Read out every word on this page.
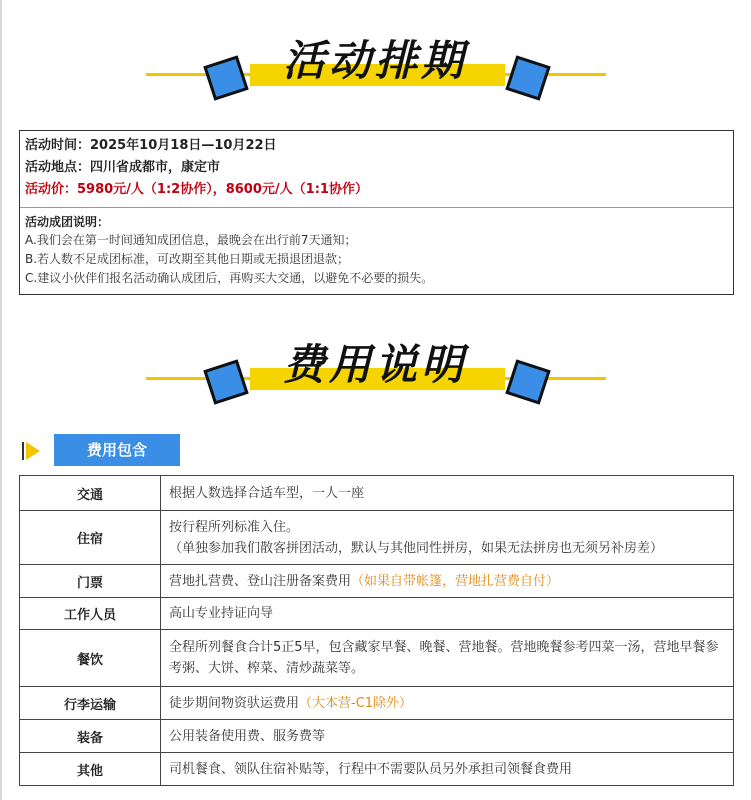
活动排期
活动时间：2025年10月18日—10月22日
活动地点：四川省成都市，康定市
活动价：5980元/人（1:2协作），8600元/人（1:1协作）
活动成团说明：
A.我们会在第一时间通知成团信息，最晚会在出行前7天通知；
B.若人数不足成团标准，可改期至其他日期或无损退团退款；
C.建议小伙伴们报名活动确认成团后，再购买大交通，以避免不必要的损失。
费用说明
费用包含
交通	根据人数选择合适车型，一人一座
住宿	按行程所列标准入住。
（单独参加我们散客拼团活动，默认与其他同性拼房，如果无法拼房也无须另补房差）

门票	营地扎营费、登山注册备案费用（如果自带帐篷，营地扎营费自付）
工作人员	高山专业持证向导
餐饮	全程所列餐食合计5正5早，包含藏家早餐、晚餐、营地餐。营地晚餐参考四菜一汤，营地早餐参考粥、大饼、榨菜、清炒蔬菜等。
行李运输	徒步期间物资驮运费用（大本营-C1除外）
装备	公用装备使用费、服务费等
其他	司机餐食、领队住宿补贴等，行程中不需要队员另外承担司领餐食费用
